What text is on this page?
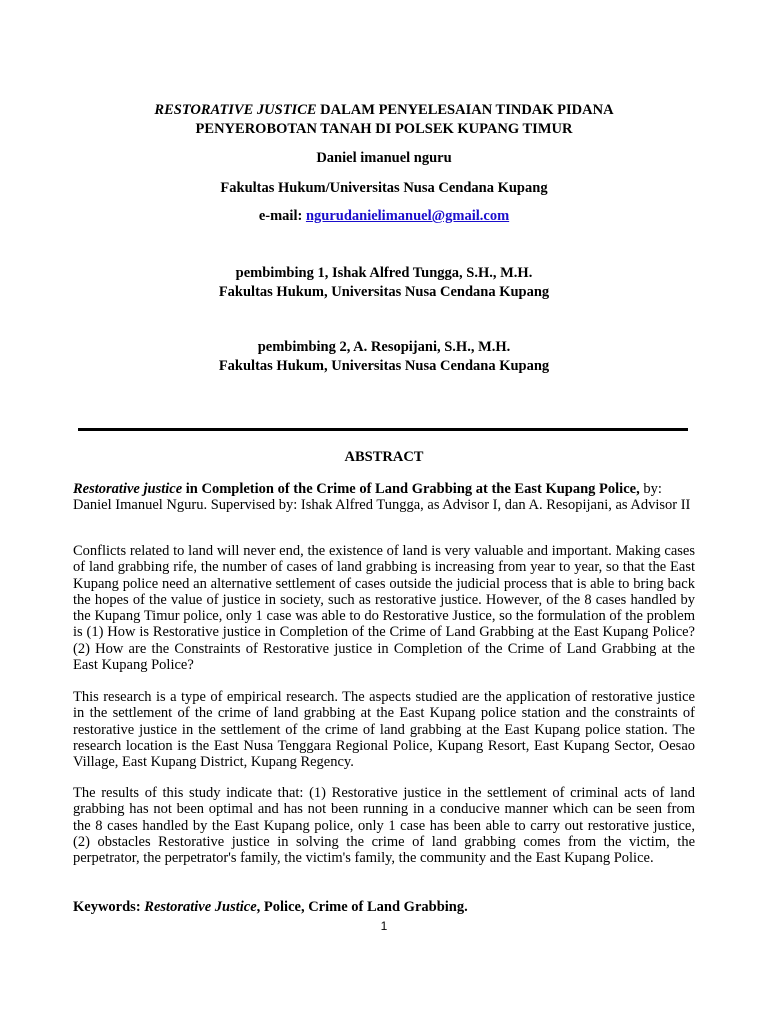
RESTORATIVE JUSTICE DALAM PENYELESAIAN TINDAK PIDANA
PENYEROBOTAN TANAH DI POLSEK KUPANG TIMUR
Daniel imanuel nguru
Fakultas Hukum/Universitas Nusa Cendana Kupang
e-mail: ngurudanielimanuel@gmail.com
pembimbing 1, Ishak Alfred Tungga, S.H., M.H.
Fakultas Hukum, Universitas Nusa Cendana Kupang
pembimbing 2, A. Resopijani, S.H., M.H.
Fakultas Hukum, Universitas Nusa Cendana Kupang
ABSTRACT
Restorative justice in Completion of the Crime of Land Grabbing at the East Kupang Police, by: Daniel Imanuel Nguru. Supervised by: Ishak Alfred Tungga, as Advisor I, dan A. Resopijani, as Advisor II
Conflicts related to land will never end, the existence of land is very valuable and important. Making cases of land grabbing rife, the number of cases of land grabbing is increasing from year to year, so that the East Kupang police need an alternative settlement of cases outside the judicial process that is able to bring back the hopes of the value of justice in society, such as restorative justice. However, of the 8 cases handled by the Kupang Timur police, only 1 case was able to do Restorative Justice, so the formulation of the problem is (1) How is Restorative justice in Completion of the Crime of Land Grabbing at the East Kupang Police? (2) How are the Constraints of Restorative justice in Completion of the Crime of Land Grabbing at the East Kupang Police?
This research is a type of empirical research. The aspects studied are the application of restorative justice in the settlement of the crime of land grabbing at the East Kupang police station and the constraints of restorative justice in the settlement of the crime of land grabbing at the East Kupang police station. The research location is the East Nusa Tenggara Regional Police, Kupang Resort, East Kupang Sector, Oesao Village, East Kupang District, Kupang Regency.
The results of this study indicate that: (1) Restorative justice in the settlement of criminal acts of land grabbing has not been optimal and has not been running in a conducive manner which can be seen from the 8 cases handled by the East Kupang police, only 1 case has been able to carry out restorative justice, (2) obstacles Restorative justice in solving the crime of land grabbing comes from the victim, the perpetrator, the perpetrator's family, the victim's family, the community and the East Kupang Police.
Keywords: Restorative Justice, Police, Crime of Land Grabbing.
1
